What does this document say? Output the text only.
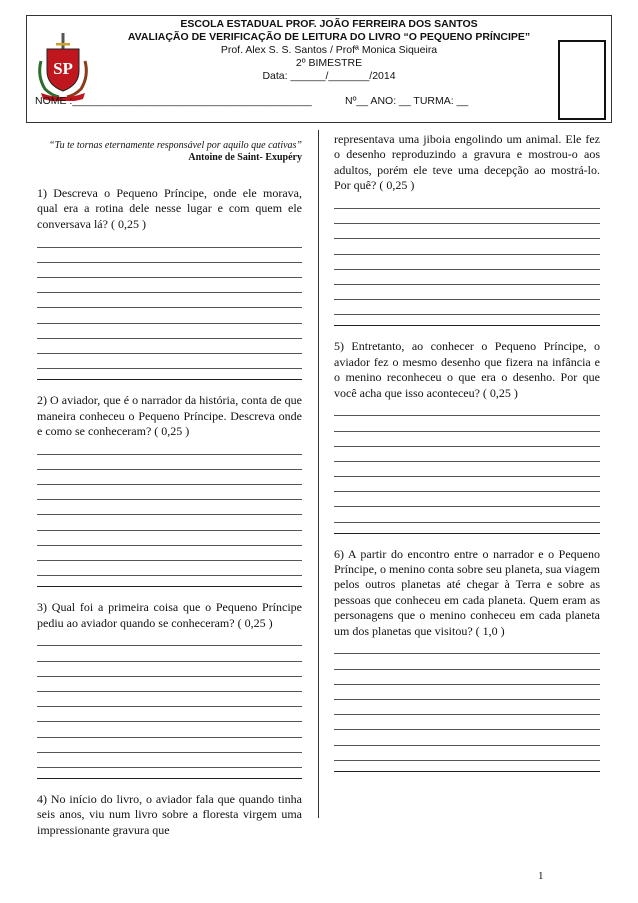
SP
ESCOLA ESTADUAL PROF. JOÃO FERREIRA DOS SANTOS
AVALIAÇÃO DE VERIFICAÇÃO DE LEITURA DO LIVRO “O PEQUENO PRÍNCIPE”
Prof. Alex S. S. Santos / Profª Monica Siqueira
2º BIMESTRE
Data: ______/_______/2014
NOME :_________________________________________	Nº__ ANO: __ TURMA: __
“Tu te tornas eternamente responsável por aquilo que cativas”
Antoine de Saint- Exupéry

1) Descreva o Pequeno Príncipe, onde ele morava, qual era a rotina dele nesse lugar e com quem ele conversava lá? ( 0,25 )

2) O aviador, que é o narrador da história, conta de que maneira conheceu o Pequeno Príncipe. Descreva onde e como se conheceram? ( 0,25 )

3) Qual foi a primeira coisa que o Pequeno Príncipe pediu ao aviador quando se conheceram? ( 0,25 )

4) No início do livro, o aviador fala que quando tinha seis anos, viu num livro sobre a floresta virgem uma impressionante gravura que

representava uma jiboia engolindo um animal. Ele fez o desenho reproduzindo a gravura e mostrou-o aos adultos, porém ele teve uma decepção ao mostrá-lo. Por quê? ( 0,25 )

5) Entretanto, ao conhecer o Pequeno Príncipe, o aviador fez o mesmo desenho que fizera na infância e o menino reconheceu o que era o desenho. Por que você acha que isso aconteceu? ( 0,25 )

6) A partir do encontro entre o narrador e o Pequeno Príncipe, o menino conta sobre seu planeta, sua viagem pelos outros planetas até chegar à Terra e sobre as pessoas que conheceu em cada planeta. Quem eram as personagens que o menino conheceu em cada planeta um dos planetas que visitou? ( 1,0 )

1
